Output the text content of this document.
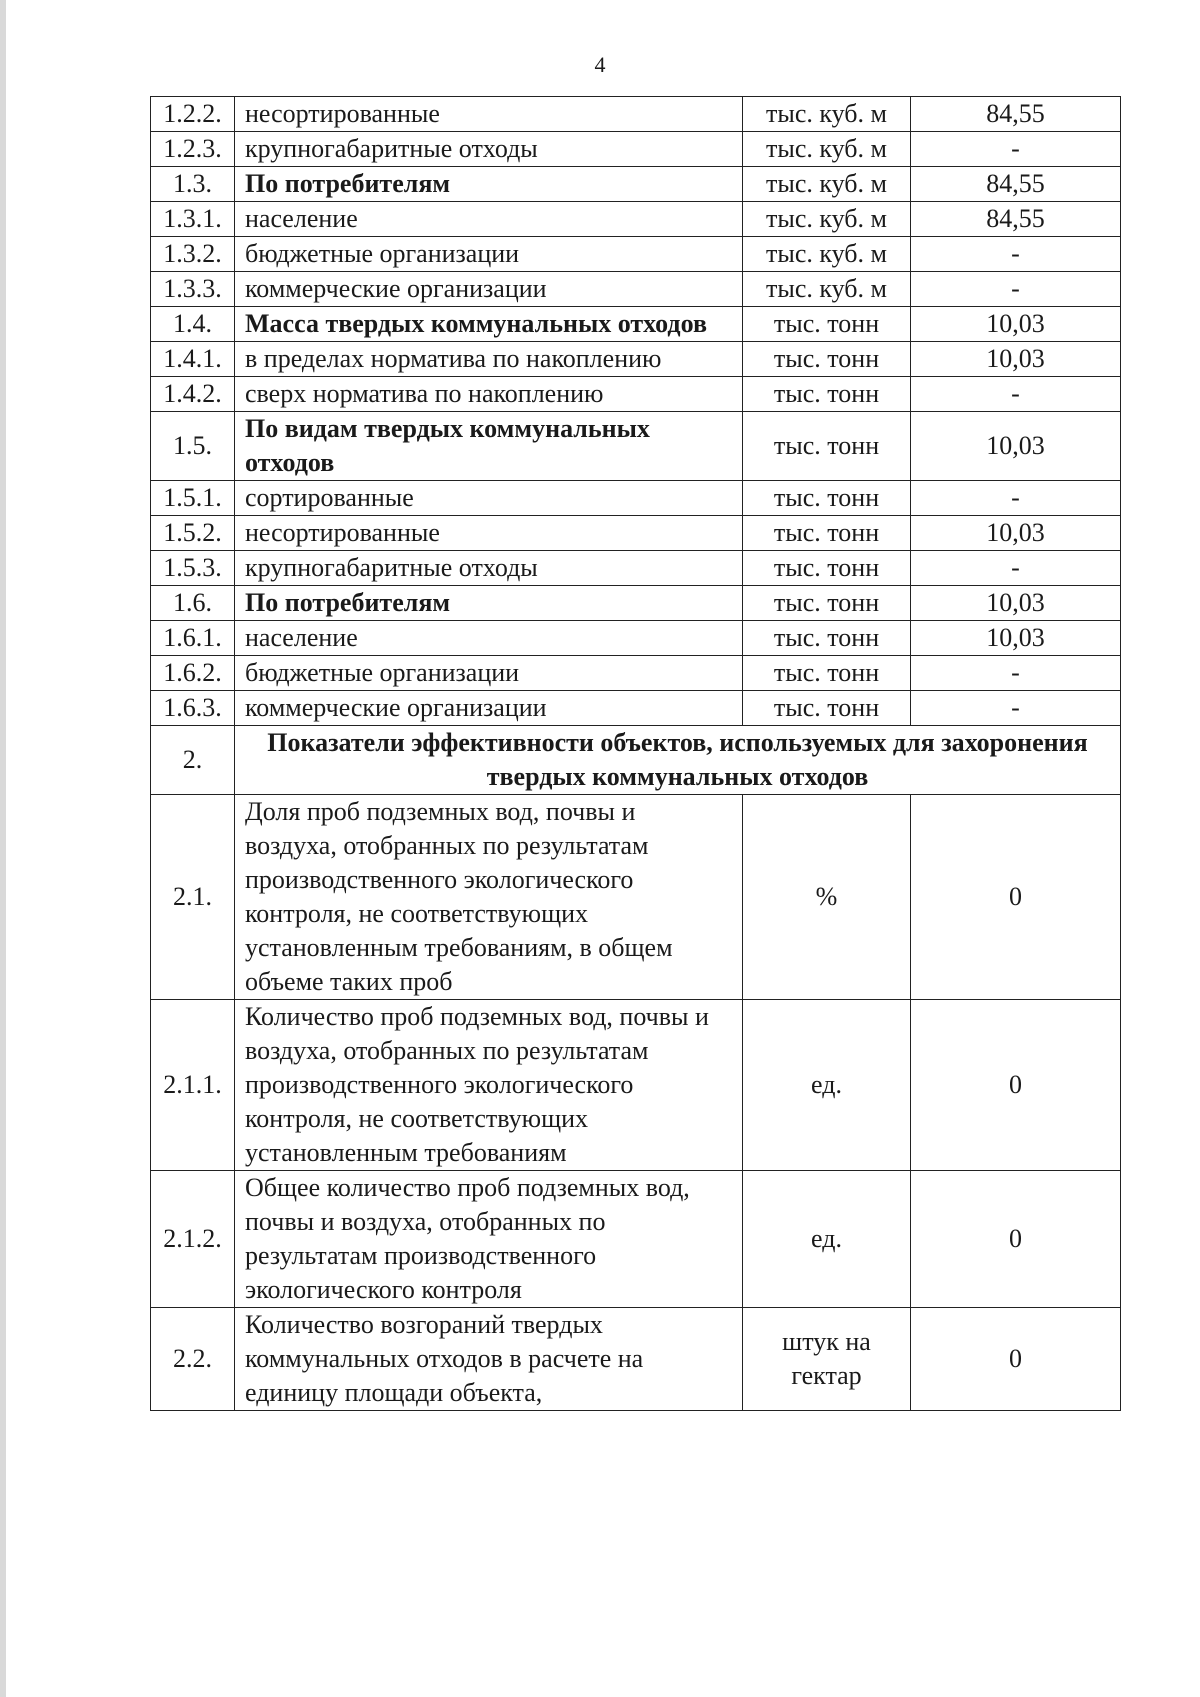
4
1.2.2.	несортированные	тыс. куб. м	84,55
1.2.3.	крупногабаритные отходы	тыс. куб. м	-
1.3.	По потребителям	тыс. куб. м	84,55
1.3.1.	население	тыс. куб. м	84,55
1.3.2.	бюджетные организации	тыс. куб. м	-
1.3.3.	коммерческие организации	тыс. куб. м	-
1.4.	Масса твердых коммунальных отходов	тыс. тонн	10,03
1.4.1.	в пределах норматива по накоплению	тыс. тонн	10,03
1.4.2.	сверх норматива по накоплению	тыс. тонн	-
1.5.	По видам твердых коммунальных отходов	тыс. тонн	10,03
1.5.1.	сортированные	тыс. тонн	-
1.5.2.	несортированные	тыс. тонн	10,03
1.5.3.	крупногабаритные отходы	тыс. тонн	-
1.6.	По потребителям	тыс. тонн	10,03
1.6.1.	население	тыс. тонн	10,03
1.6.2.	бюджетные организации	тыс. тонн	-
1.6.3.	коммерческие организации	тыс. тонн	-
2.	Показатели эффективности объектов, используемых для захоронения твердых коммунальных отходов		
2.1.	Доля проб подземных вод, почвы и воздуха, отобранных по результатам производственного экологического контроля, не соответствующих установленным требованиям, в общем объеме таких проб	%	0
2.1.1.	Количество проб подземных вод, почвы и воздуха, отобранных по результатам производственного экологического контроля, не соответствующих установленным требованиям	ед.	0
2.1.2.	Общее количество проб подземных вод, почвы и воздуха, отобранных по результатам производственного экологического контроля	ед.	0
2.2.	Количество возгораний твердых коммунальных отходов в расчете на единицу площади объекта,	штук на гектар	0
